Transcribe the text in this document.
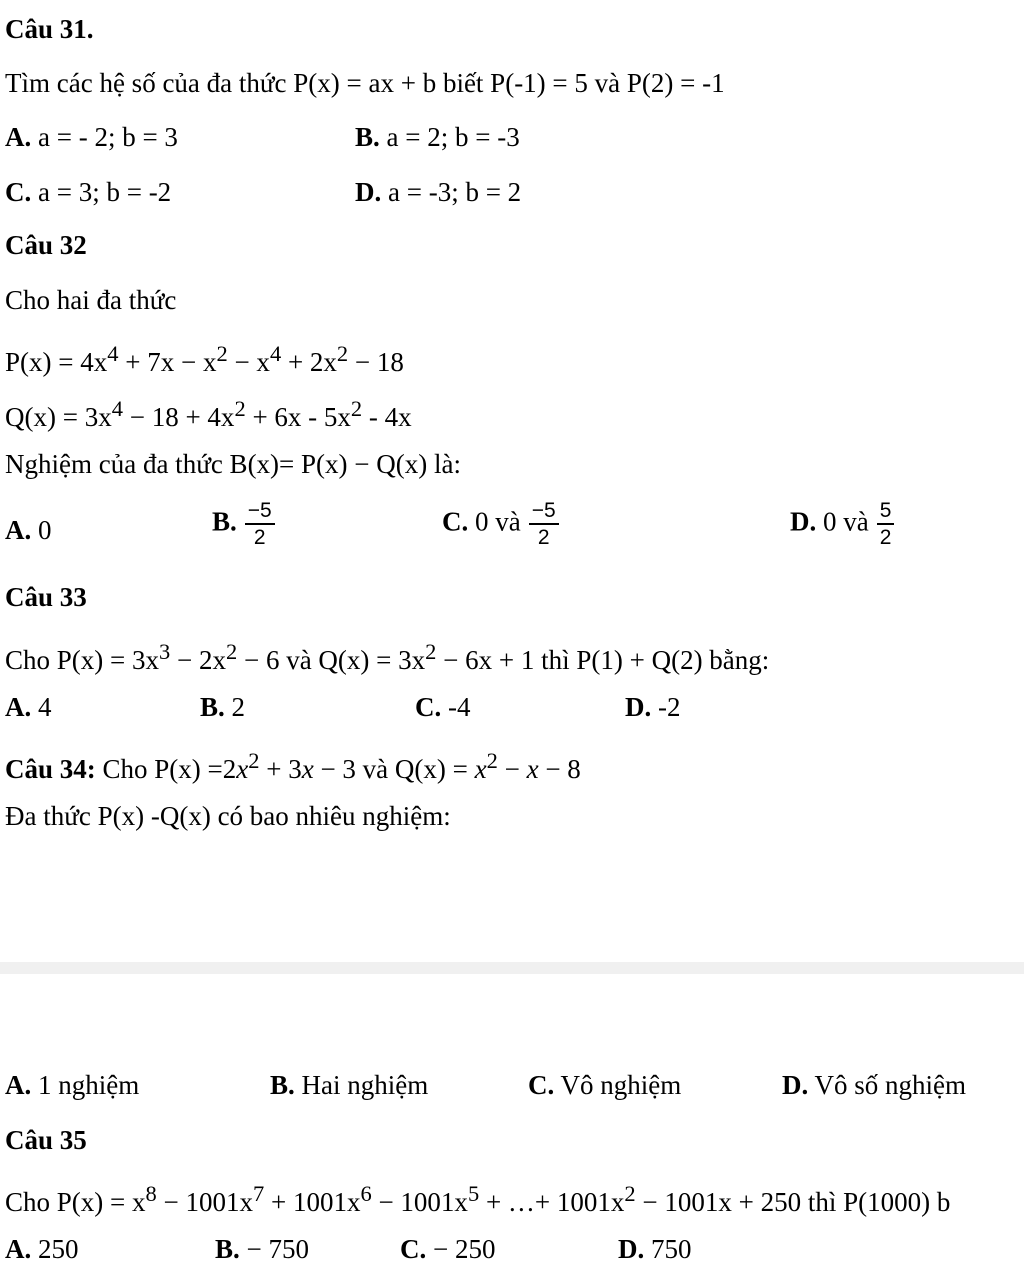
Câu 31.
Tìm các hệ số của đa thức P(x) = ax + b biết P(-1) = 5 và P(2) = -1
A. a = - 2; b = 3	B. a = 2; b = -3
C. a = 3; b = -2	D. a = -3; b = 2
Câu 32
Cho hai đa thức
$P(x) = 4x^4 + 7x - x^2 - x^4 + 2x^2 - 18$
$Q(x) = 3x^4 - 18 + 4x^2 + 6x - 5x^2 - 4x$
Nghiệm của đa thức B(x)= P(x) − Q(x) là:
A. 0	B. $\frac{-5}{2}$	C. 0 và $\frac{-5}{2}$	D. 0 và $\frac{5}{2}$
Câu 33
Cho $P(x) = 3x^3 - 2x^2 - 6$ và $Q(x) = 3x^2 - 6x + 1$ thì P(1) + Q(2) bằng:
A. 4	B. 2	C. -4	D. -2
Câu 34: Cho $P(x) =2x^2 + 3x - 3$ và $Q(x) = x^2 - x - 8$
Đa thức P(x) -Q(x) có bao nhiêu nghiệm:
A. 1 nghiệm	B. Hai nghiệm	C. Vô nghiệm	D. Vô số nghiệm
Câu 35
Cho $P(x) = x^8 - 1001x^7 + 1001x^6 - 1001x^5$ + …+ $1001x^2 - 1001x + 250$ thì P(1000) b
A. 250	B. − 750	C. − 250	D. 750
